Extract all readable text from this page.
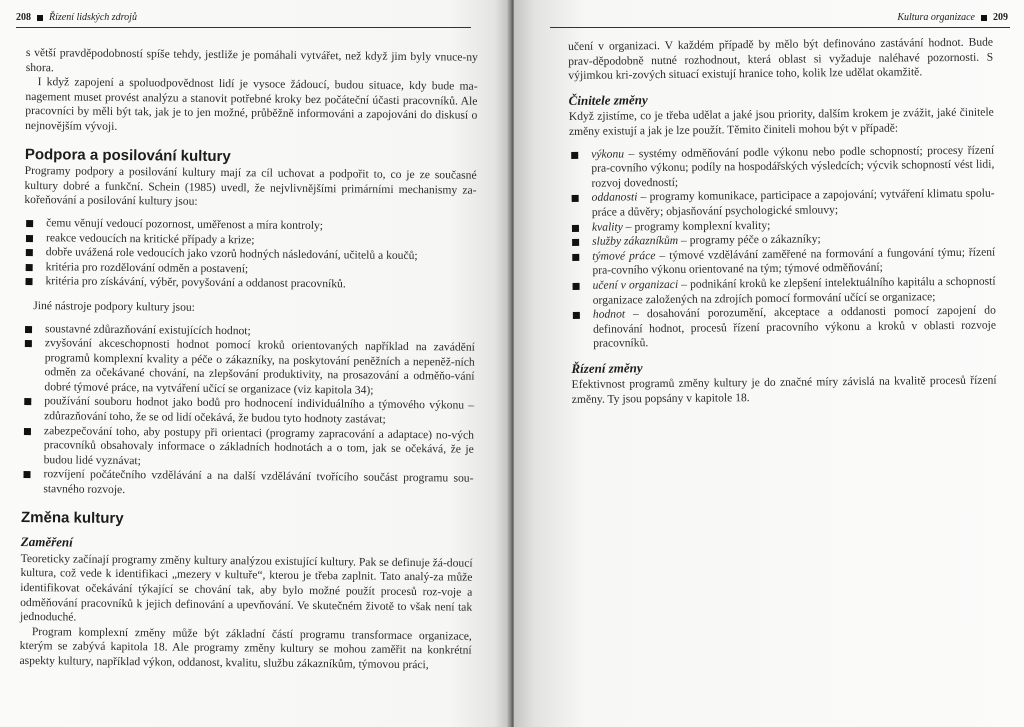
208 Řízení lidských zdrojů

s větší pravděpodobností spíše tehdy, jestliže je pomáhali vytvářet, než když jim byly vnuce-ny shora.

I když zapojení a spoluodpovědnost lidí je vysoce žádoucí, budou situace, kdy bude ma-nagement muset provést analýzu a stanovit potřebné kroky bez počáteční účasti pracovníků. Ale pracovníci by měli být tak, jak je to jen možné, průběžně informováni a zapojováni do diskusí o nejnovějším vývoji.

Podpora a posilování kultury

Programy podpory a posilování kultury mají za cíl uchovat a podpořit to, co je ze současné kultury dobré a funkční. Schein (1985) uvedl, že nejvlivnějšími primárními mechanismy za-kořeňování a posilování kultury jsou:

čemu věnují vedoucí pozornost, uměřenost a míra kontroly;
reakce vedoucích na kritické případy a krize;
dobře uvážená role vedoucích jako vzorů hodných následování, učitelů a koučů;
kritéria pro rozdělování odměn a postavení;
kritéria pro získávání, výběr, povyšování a oddanost pracovníků.

Jiné nástroje podpory kultury jsou:

soustavné zdůrazňování existujících hodnot;
zvyšování akceschopnosti hodnot pomocí kroků orientovaných například na zavádění programů komplexní kvality a péče o zákazníky, na poskytování peněžních a nepeněž-ních odměn za očekávané chování, na zlepšování produktivity, na prosazování a odměňo-vání dobré týmové práce, na vytváření učící se organizace (viz kapitola 34);
používání souboru hodnot jako bodů pro hodnocení individuálního a týmového výkonu – zdůrazňování toho, že se od lidí očekává, že budou tyto hodnoty zastávat;
zabezpečování toho, aby postupy při orientaci (programy zapracování a adaptace) no-vých pracovníků obsahovaly informace o základních hodnotách a o tom, jak se očekává, že je budou lidé vyznávat;
rozvíjení počátečního vzdělávání a na další vzdělávání tvořícího součást programu sou-stavného rozvoje.
Změna kultury
Zaměření

Teoreticky začínají programy změny kultury analýzou existující kultury. Pak se definuje žá-doucí kultura, což vede k identifikaci „mezery v kultuře“, kterou je třeba zaplnit. Tato analý-za může identifikovat očekávání týkající se chování tak, aby bylo možné použít procesů roz-voje a odměňování pracovníků k jejich definování a upevňování. Ve skutečném životě to však není tak jednoduché.

Program komplexní změny může být základní částí programu transformace organizace, kterým se zabývá kapitola 18. Ale programy změny kultury se mohou zaměřit na konkrétní aspekty kultury, například výkon, oddanost, kvalitu, službu zákazníkům, týmovou práci,

Kultura organizace 209

učení v organizaci. V každém případě by mělo být definováno zastávání hodnot. Bude prav-děpodobně nutné rozhodnout, která oblast si vyžaduje naléhavé pozornosti. S výjimkou kri-zových situací existují hranice toho, kolik lze udělat okamžitě.

Činitele změny

Když zjistíme, co je třeba udělat a jaké jsou priority, dalším krokem je zvážit, jaké činitele změny existují a jak je lze použít. Těmito činiteli mohou být v případě:

výkonu – systémy odměňování podle výkonu nebo podle schopností; procesy řízení pra-covního výkonu; podíly na hospodářských výsledcích; výcvik schopností vést lidi, rozvoj dovedností;
oddanosti – programy komunikace, participace a zapojování; vytváření klimatu spolu-práce a důvěry; objasňování psychologické smlouvy;
kvality – programy komplexní kvality;
služby zákazníkům – programy péče o zákazníky;
týmové práce – týmové vzdělávání zaměřené na formování a fungování týmu; řízení pra-covního výkonu orientované na tým; týmové odměňování;
učení v organizaci – podnikání kroků ke zlepšení intelektuálního kapitálu a schopností organizace založených na zdrojích pomocí formování učící se organizace;
hodnot – dosahování porozumění, akceptace a oddanosti pomocí zapojení do definování hodnot, procesů řízení pracovního výkonu a kroků v oblasti rozvoje pracovníků.
Řízení změny

Efektivnost programů změny kultury je do značné míry závislá na kvalitě procesů řízení změny. Ty jsou popsány v kapitole 18.
